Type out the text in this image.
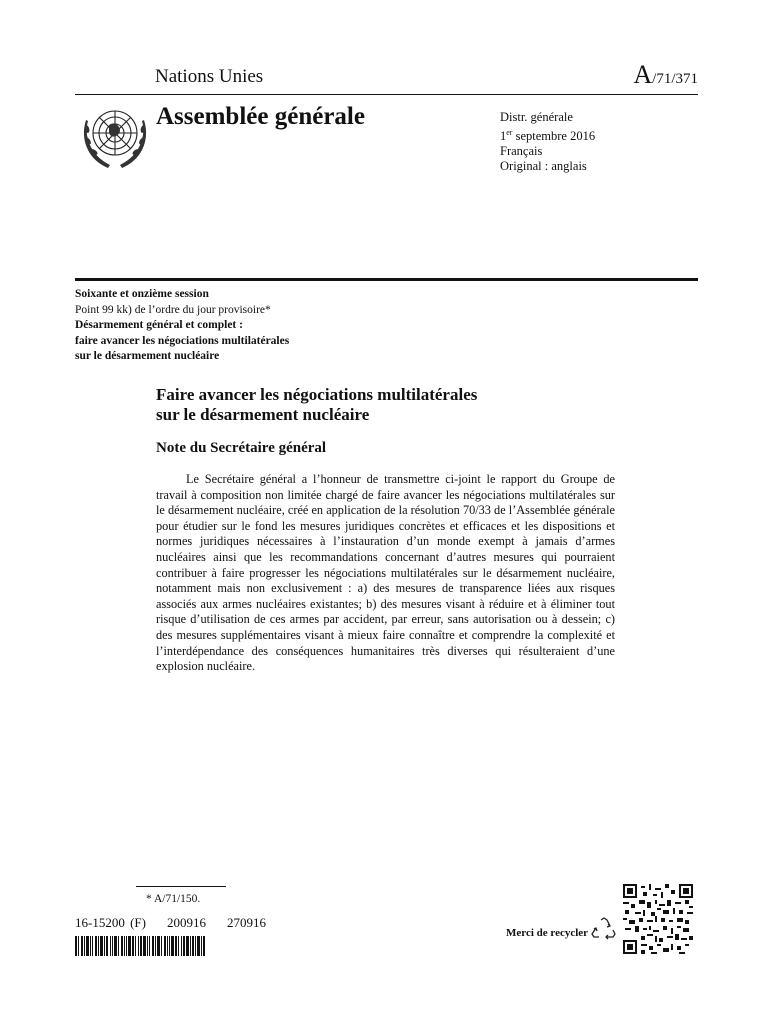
Nations Unies	A/71/371
Assemblée générale	Distr. générale
1er septembre 2016
Français
Original : anglais
Soixante et onzième session
Point 99 kk) de l’ordre du jour provisoire*
Désarmement général et complet :
faire avancer les négociations multilatérales
sur le désarmement nucléaire
Faire avancer les négociations multilatérales
sur le désarmement nucléaire
Note du Secrétaire général

Le Secrétaire général a l’honneur de transmettre ci-joint le rapport du Groupe de travail à composition non limitée chargé de faire avancer les négociations multilatérales sur le désarmement nucléaire, créé en application de la résolution 70/33 de l’Assemblée générale pour étudier sur le fond les mesures juridiques concrètes et efficaces et les dispositions et normes juridiques nécessaires à l’instauration d’un monde exempt à jamais d’armes nucléaires ainsi que les recommandations concernant d’autres mesures qui pourraient contribuer à faire progresser les négociations multilatérales sur le désarmement nucléaire, notamment mais non exclusivement : a) des mesures de transparence liées aux risques associés aux armes nucléaires existantes; b) des mesures visant à réduire et à éliminer tout risque d’utilisation de ces armes par accident, par erreur, sans autorisation ou à dessein; c) des mesures supplémentaires visant à mieux faire connaître et comprendre la complexité et l’interdépendance des conséquences humanitaires très diverses qui résulteraient d’une explosion nucléaire.

* A/71/150.
16-15200 (F)    200916    270916
Merci de recycler
